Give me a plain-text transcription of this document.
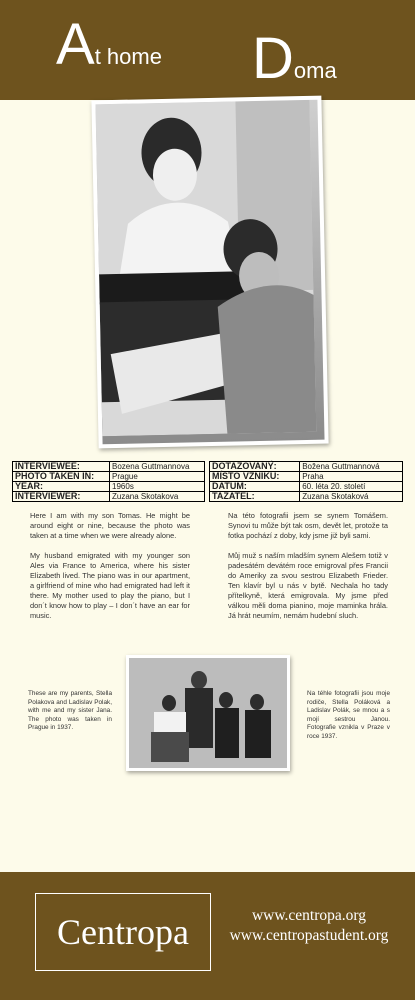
At home Doma
INTERVIEWEE:	Bozena Guttmannova
PHOTO TAKEN IN:	Prague
YEAR:	1960s
INTERVIEWER:	Zuzana Skotakova
DOTAZOVANÝ:	Božena Guttmannová
MÍSTO VZNIKU:	Praha
DATUM:	60. léta 20. století
TAZATEL:	Zuzana Skotaková

Here I am with my son Tomas. He might be around eight or nine, because the photo was taken at a time when we were already alone.

My husband emigrated with my younger son Ales via France to America, where his sister Elizabeth lived. The piano was in our apartment, a girlfriend of mine who had emigrated had left it there. My mother used to play the piano, but I don´t know how to play – I don´t have an ear for music.

Na této fotografii jsem se synem Tomášem. Synovi tu může být tak osm, devět let, protože ta fotka pochází z doby, kdy jsme již byli sami.

Můj muž s naším mladším synem Alešem totiž v padesátém devátém roce emigroval přes Francii do Ameriky za svou sestrou Elizabeth Frieder. Ten klavír byl u nás v bytě. Nechala ho tady přítelkyně, která emigrovala. My jsme před válkou měli doma pianino, moje maminka hrála. Já hrát neumím, nemám hudební sluch.

These are my parents, Stella Polakova and Ladislav Polak, with me and my sister Jana. The photo was taken in Prague in 1937.
Na téhle fotografii jsou moje rodiče, Stella Poláková a Ladislav Polák, se mnou a s mojí sestrou Janou. Fotografie vznikla v Praze v roce 1937.
Centropa	www.centropa.org
www.centropastudent.org
